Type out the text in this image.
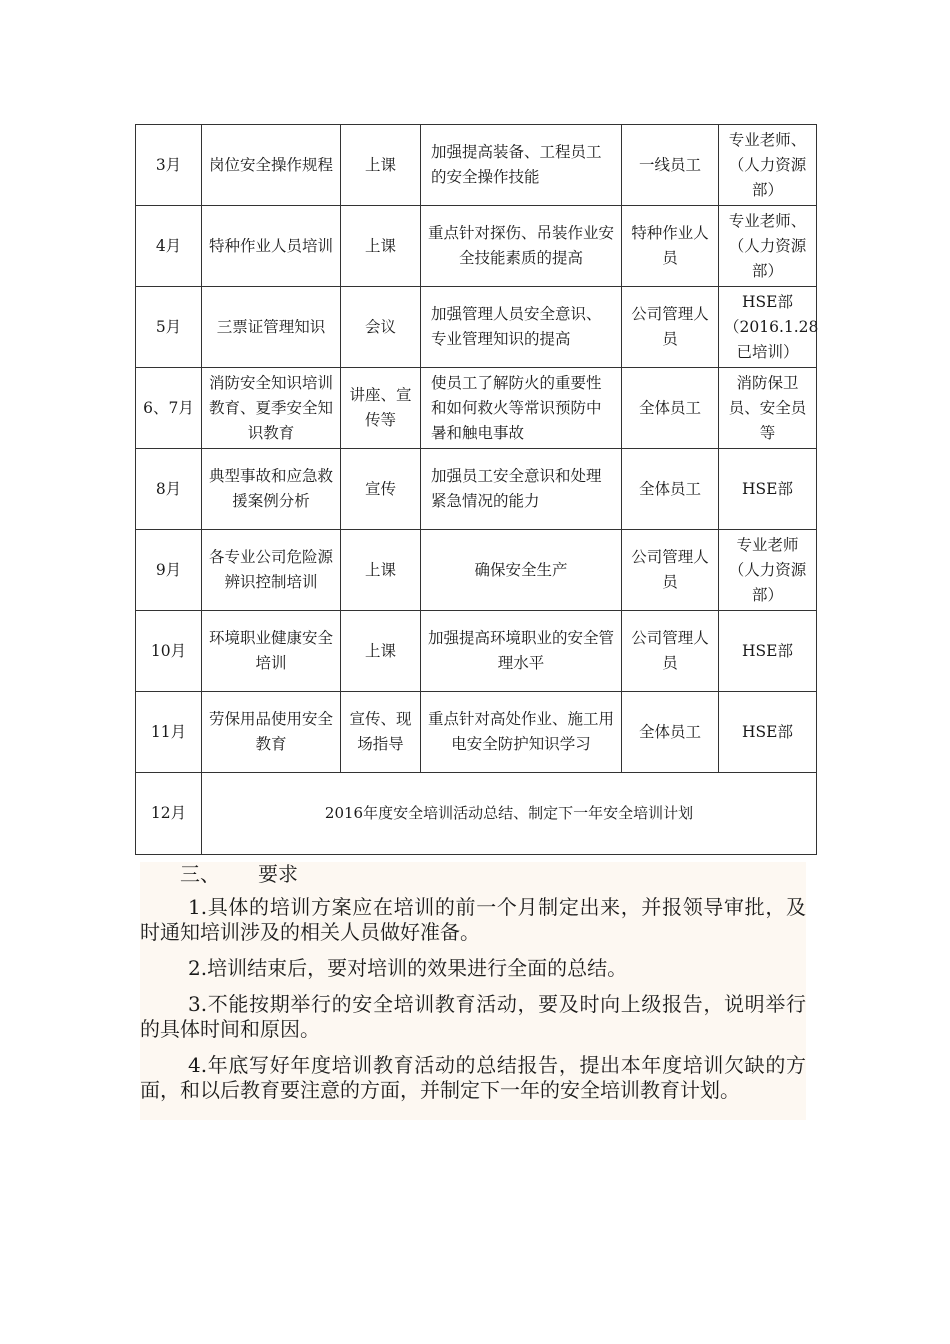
3月	岗位安全操作规程	上课	加强提高装备、工程员工的安全操作技能	一线员工	专业老师、（人力资源部）
4月	特种作业人员培训	上课	重点针对探伤、吊装作业安全技能素质的提高	特种作业人员	专业老师、（人力资源部）
5月	三票证管理知识	会议	加强管理人员安全意识、专业管理知识的提高	公司管理人员	HSE部（2016.1.28已培训）
6、7月	消防安全知识培训教育、夏季安全知识教育	讲座、宣传等	使员工了解防火的重要性和如何救火等常识预防中暑和触电事故	全体员工	消防保卫员、安全员等
8月	典型事故和应急救援案例分析	宣传	加强员工安全意识和处理紧急情况的能力	全体员工	HSE部
9月	各专业公司危险源辨识控制培训	上课	确保安全生产	公司管理人员	专业老师（人力资源部）
10月	环境职业健康安全培训	上课	加强提高环境职业的安全管理水平	公司管理人员	HSE部
11月	劳保用品使用安全教育	宣传、现场指导	重点针对高处作业、施工用电安全防护知识学习	全体员工	HSE部
12月	2016年度安全培训活动总结、制定下一年安全培训计划				
三、 要求

1.具体的培训方案应在培训的前一个月制定出来，并报领导审批，及时通知培训涉及的相关人员做好准备。

2.培训结束后，要对培训的效果进行全面的总结。

3.不能按期举行的安全培训教育活动，要及时向上级报告，说明举行的具体时间和原因。

4.年底写好年度培训教育活动的总结报告，提出本年度培训欠缺的方面，和以后教育要注意的方面，并制定下一年的安全培训教育计划。
